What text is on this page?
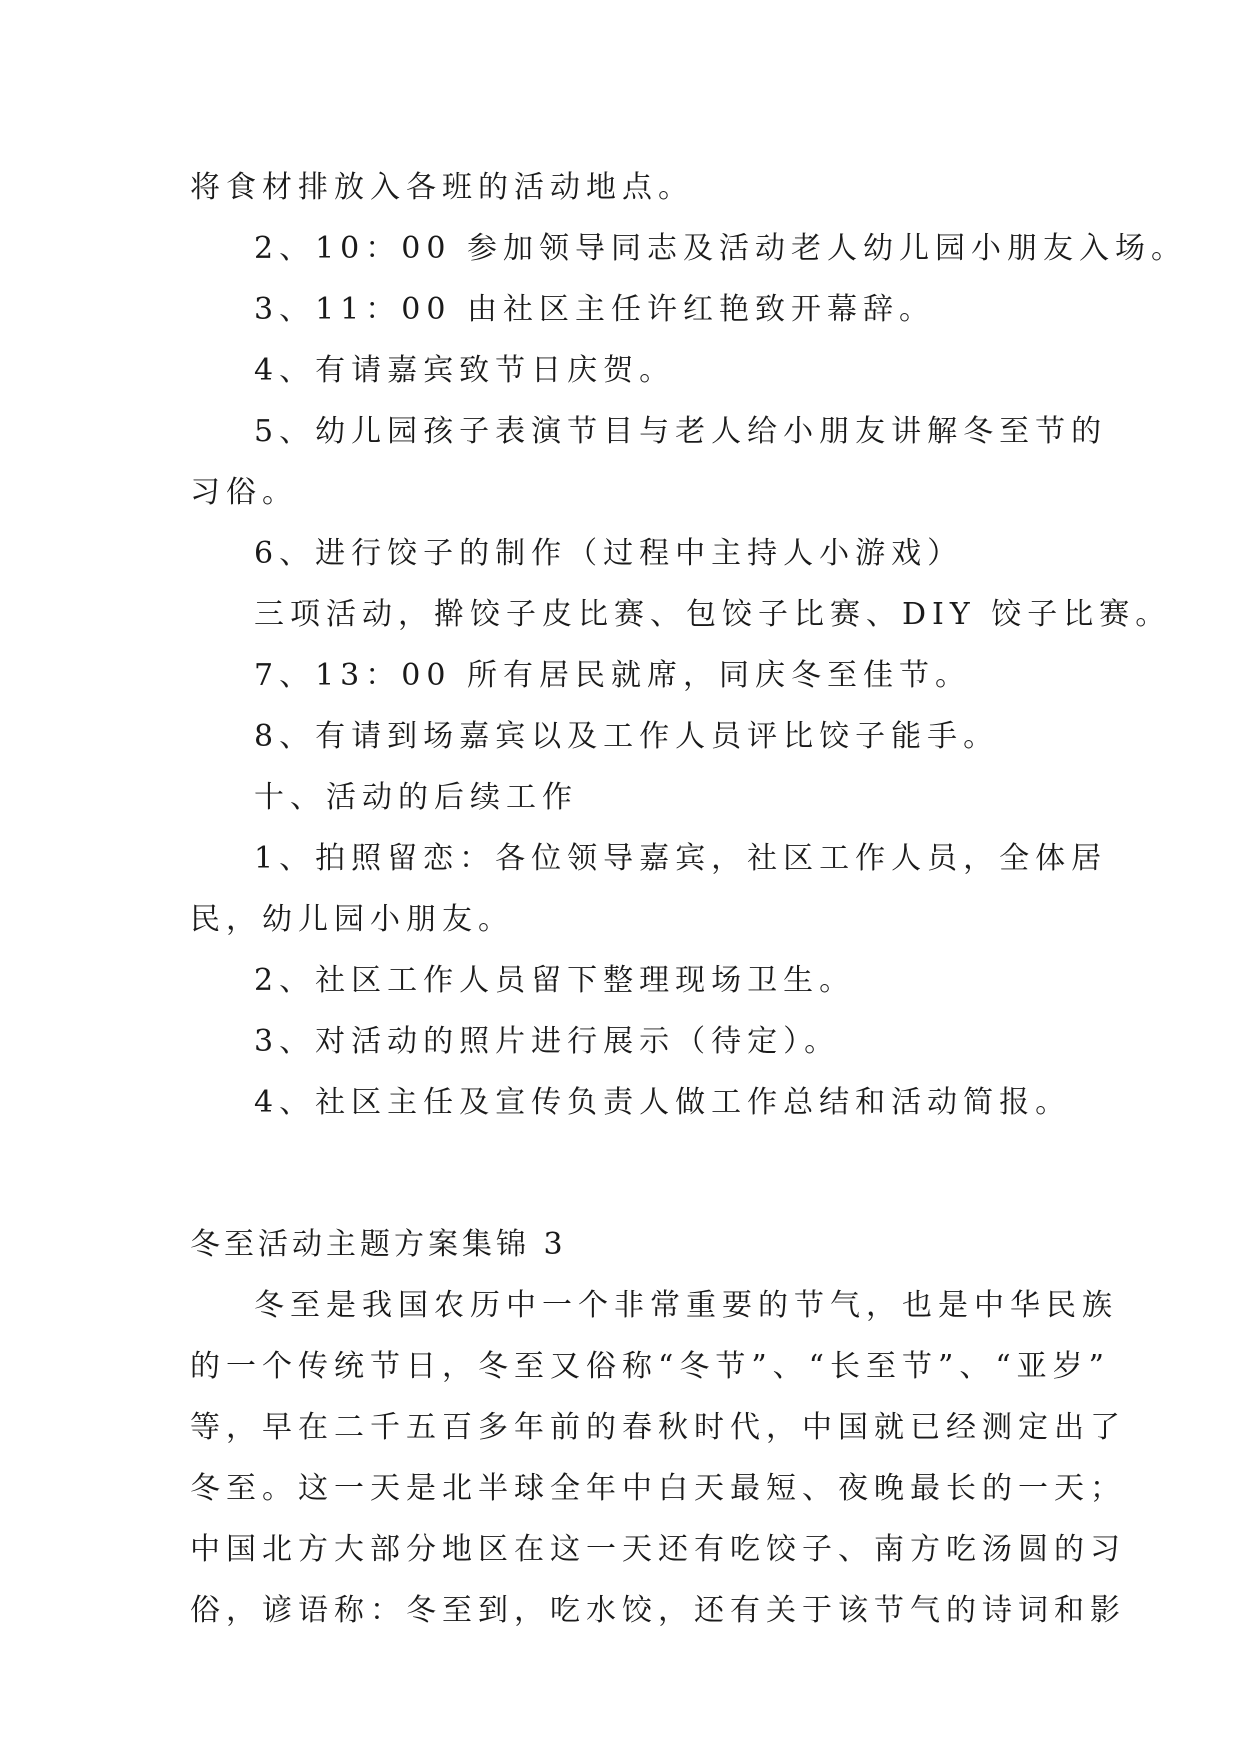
将食材排放入各班的活动地点。
2、10：00 参加领导同志及活动老人幼儿园小朋友入场。
3、11：00 由社区主任许红艳致开幕辞。
4、有请嘉宾致节日庆贺。
5、幼儿园孩子表演节目与老人给小朋友讲解冬至节的
习俗。
6、进行饺子的制作（过程中主持人小游戏）
三项活动，擀饺子皮比赛、包饺子比赛、DIY 饺子比赛。
7、13：00 所有居民就席，同庆冬至佳节。
8、有请到场嘉宾以及工作人员评比饺子能手。
十、活动的后续工作
1、拍照留恋：各位领导嘉宾，社区工作人员，全体居
民，幼儿园小朋友。
2、社区工作人员留下整理现场卫生。
3、对活动的照片进行展示（待定）。
4、社区主任及宣传负责人做工作总结和活动简报。
冬至活动主题方案集锦 3
冬至是我国农历中一个非常重要的节气，也是中华民族
的一个传统节日，冬至又俗称“冬节”、“长至节”、“亚岁”
等，早在二千五百多年前的春秋时代，中国就已经测定出了
冬至。这一天是北半球全年中白天最短、夜晚最长的一天；
中国北方大部分地区在这一天还有吃饺子、南方吃汤圆的习
俗，谚语称：冬至到，吃水饺，还有关于该节气的诗词和影
